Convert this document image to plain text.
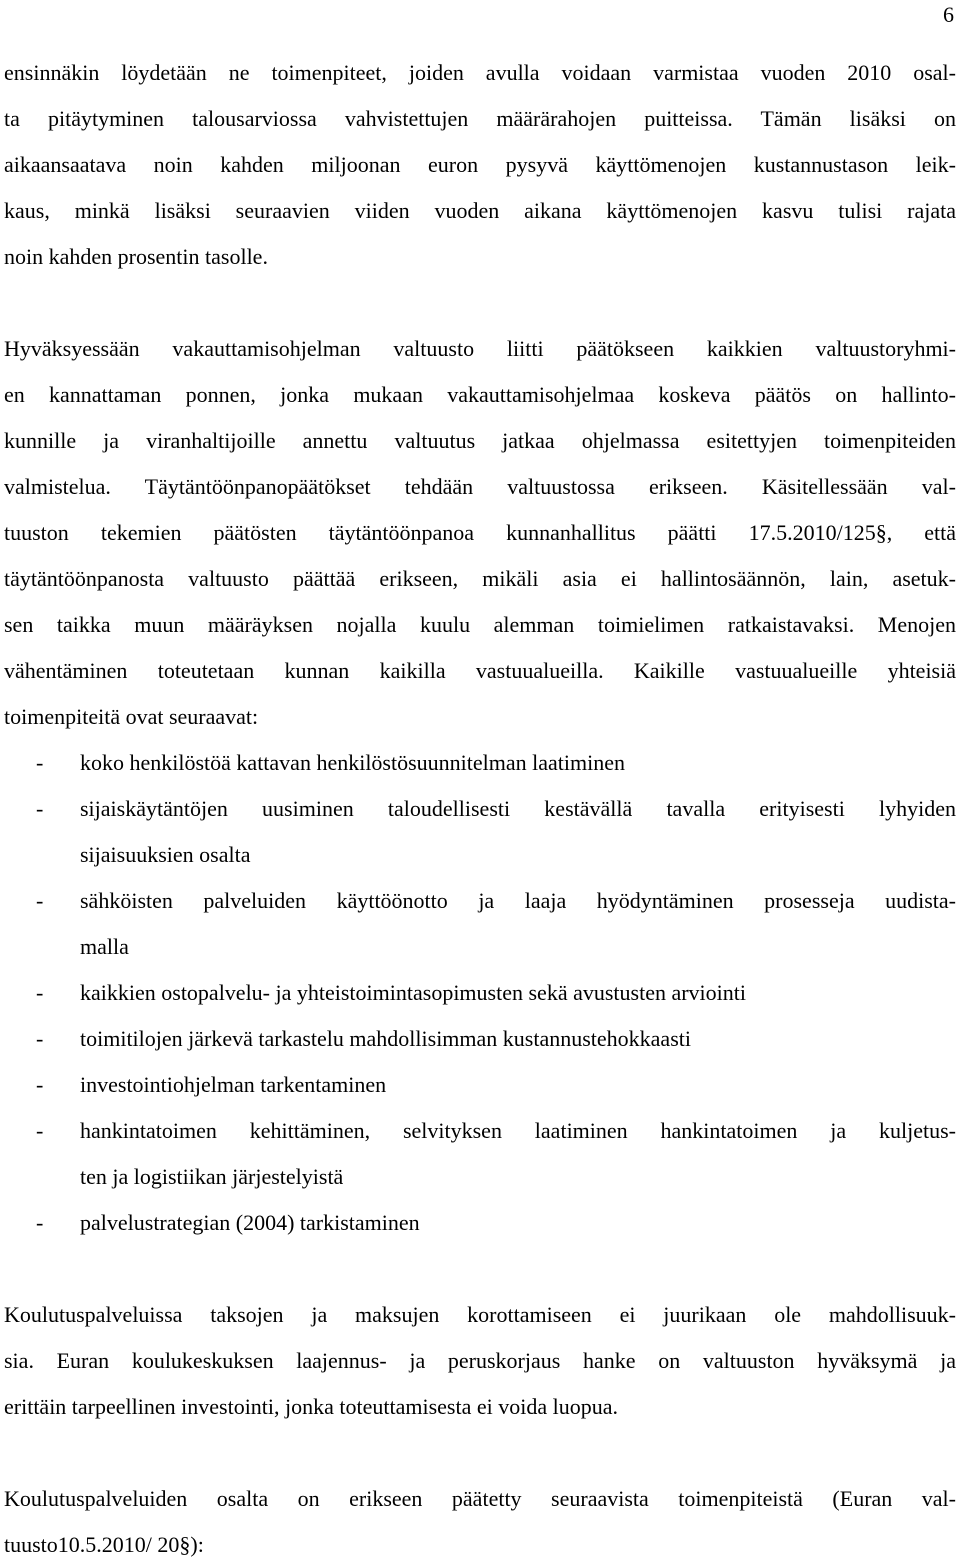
6
ensinnäkin löydetään ne toimenpiteet, joiden avulla voidaan varmistaa vuoden 2010 osal-
ta pitäytyminen talousarviossa vahvistettujen määrärahojen puitteissa. Tämän lisäksi on
aikaansaatava noin kahden miljoonan euron pysyvä käyttömenojen kustannustason leik-
kaus, minkä lisäksi seuraavien viiden vuoden aikana käyttömenojen kasvu tulisi rajata
noin kahden prosentin tasolle.
Hyväksyessään vakauttamisohjelman valtuusto liitti päätökseen kaikkien valtuustoryhmi-
en kannattaman ponnen, jonka mukaan vakauttamisohjelmaa koskeva päätös on hallinto-
kunnille ja viranhaltijoille annettu valtuutus jatkaa ohjelmassa esitettyjen toimenpiteiden
valmistelua. Täytäntöönpanopäätökset tehdään valtuustossa erikseen. Käsitellessään val-
tuuston tekemien päätösten täytäntöönpanoa kunnanhallitus päätti 17.5.2010/125§, että
täytäntöönpanosta valtuusto päättää erikseen, mikäli asia ei hallintosäännön, lain, asetuk-
sen taikka muun määräyksen nojalla kuulu alemman toimielimen ratkaistavaksi. Menojen
vähentäminen toteutetaan kunnan kaikilla vastuualueilla. Kaikille vastuualueille yhteisiä
toimenpiteitä ovat seuraavat:
-	koko henkilöstöä kattavan henkilöstösuunnitelman laatiminen
-	sijaiskäytäntöjen uusiminen taloudellisesti kestävällä tavalla erityisesti lyhyiden
sijaisuuksien osalta
-	sähköisten palveluiden käyttöönotto ja laaja hyödyntäminen prosesseja uudista-
malla
-	kaikkien ostopalvelu- ja yhteistoimintasopimusten sekä avustusten arviointi
-	toimitilojen järkevä tarkastelu mahdollisimman kustannustehokkaasti
-	investointiohjelman tarkentaminen
-	hankintatoimen kehittäminen, selvityksen laatiminen hankintatoimen ja kuljetus-
ten ja logistiikan järjestelyistä
-	palvelustrategian (2004) tarkistaminen
Koulutuspalveluissa taksojen ja maksujen korottamiseen ei juurikaan ole mahdollisuuk-
sia. Euran koulukeskuksen laajennus- ja peruskorjaus hanke on valtuuston hyväksymä ja
erittäin tarpeellinen investointi, jonka toteuttamisesta ei voida luopua.
Koulutuspalveluiden osalta on erikseen päätetty seuraavista toimenpiteistä (Euran val-
tuusto10.5.2010/ 20§):
